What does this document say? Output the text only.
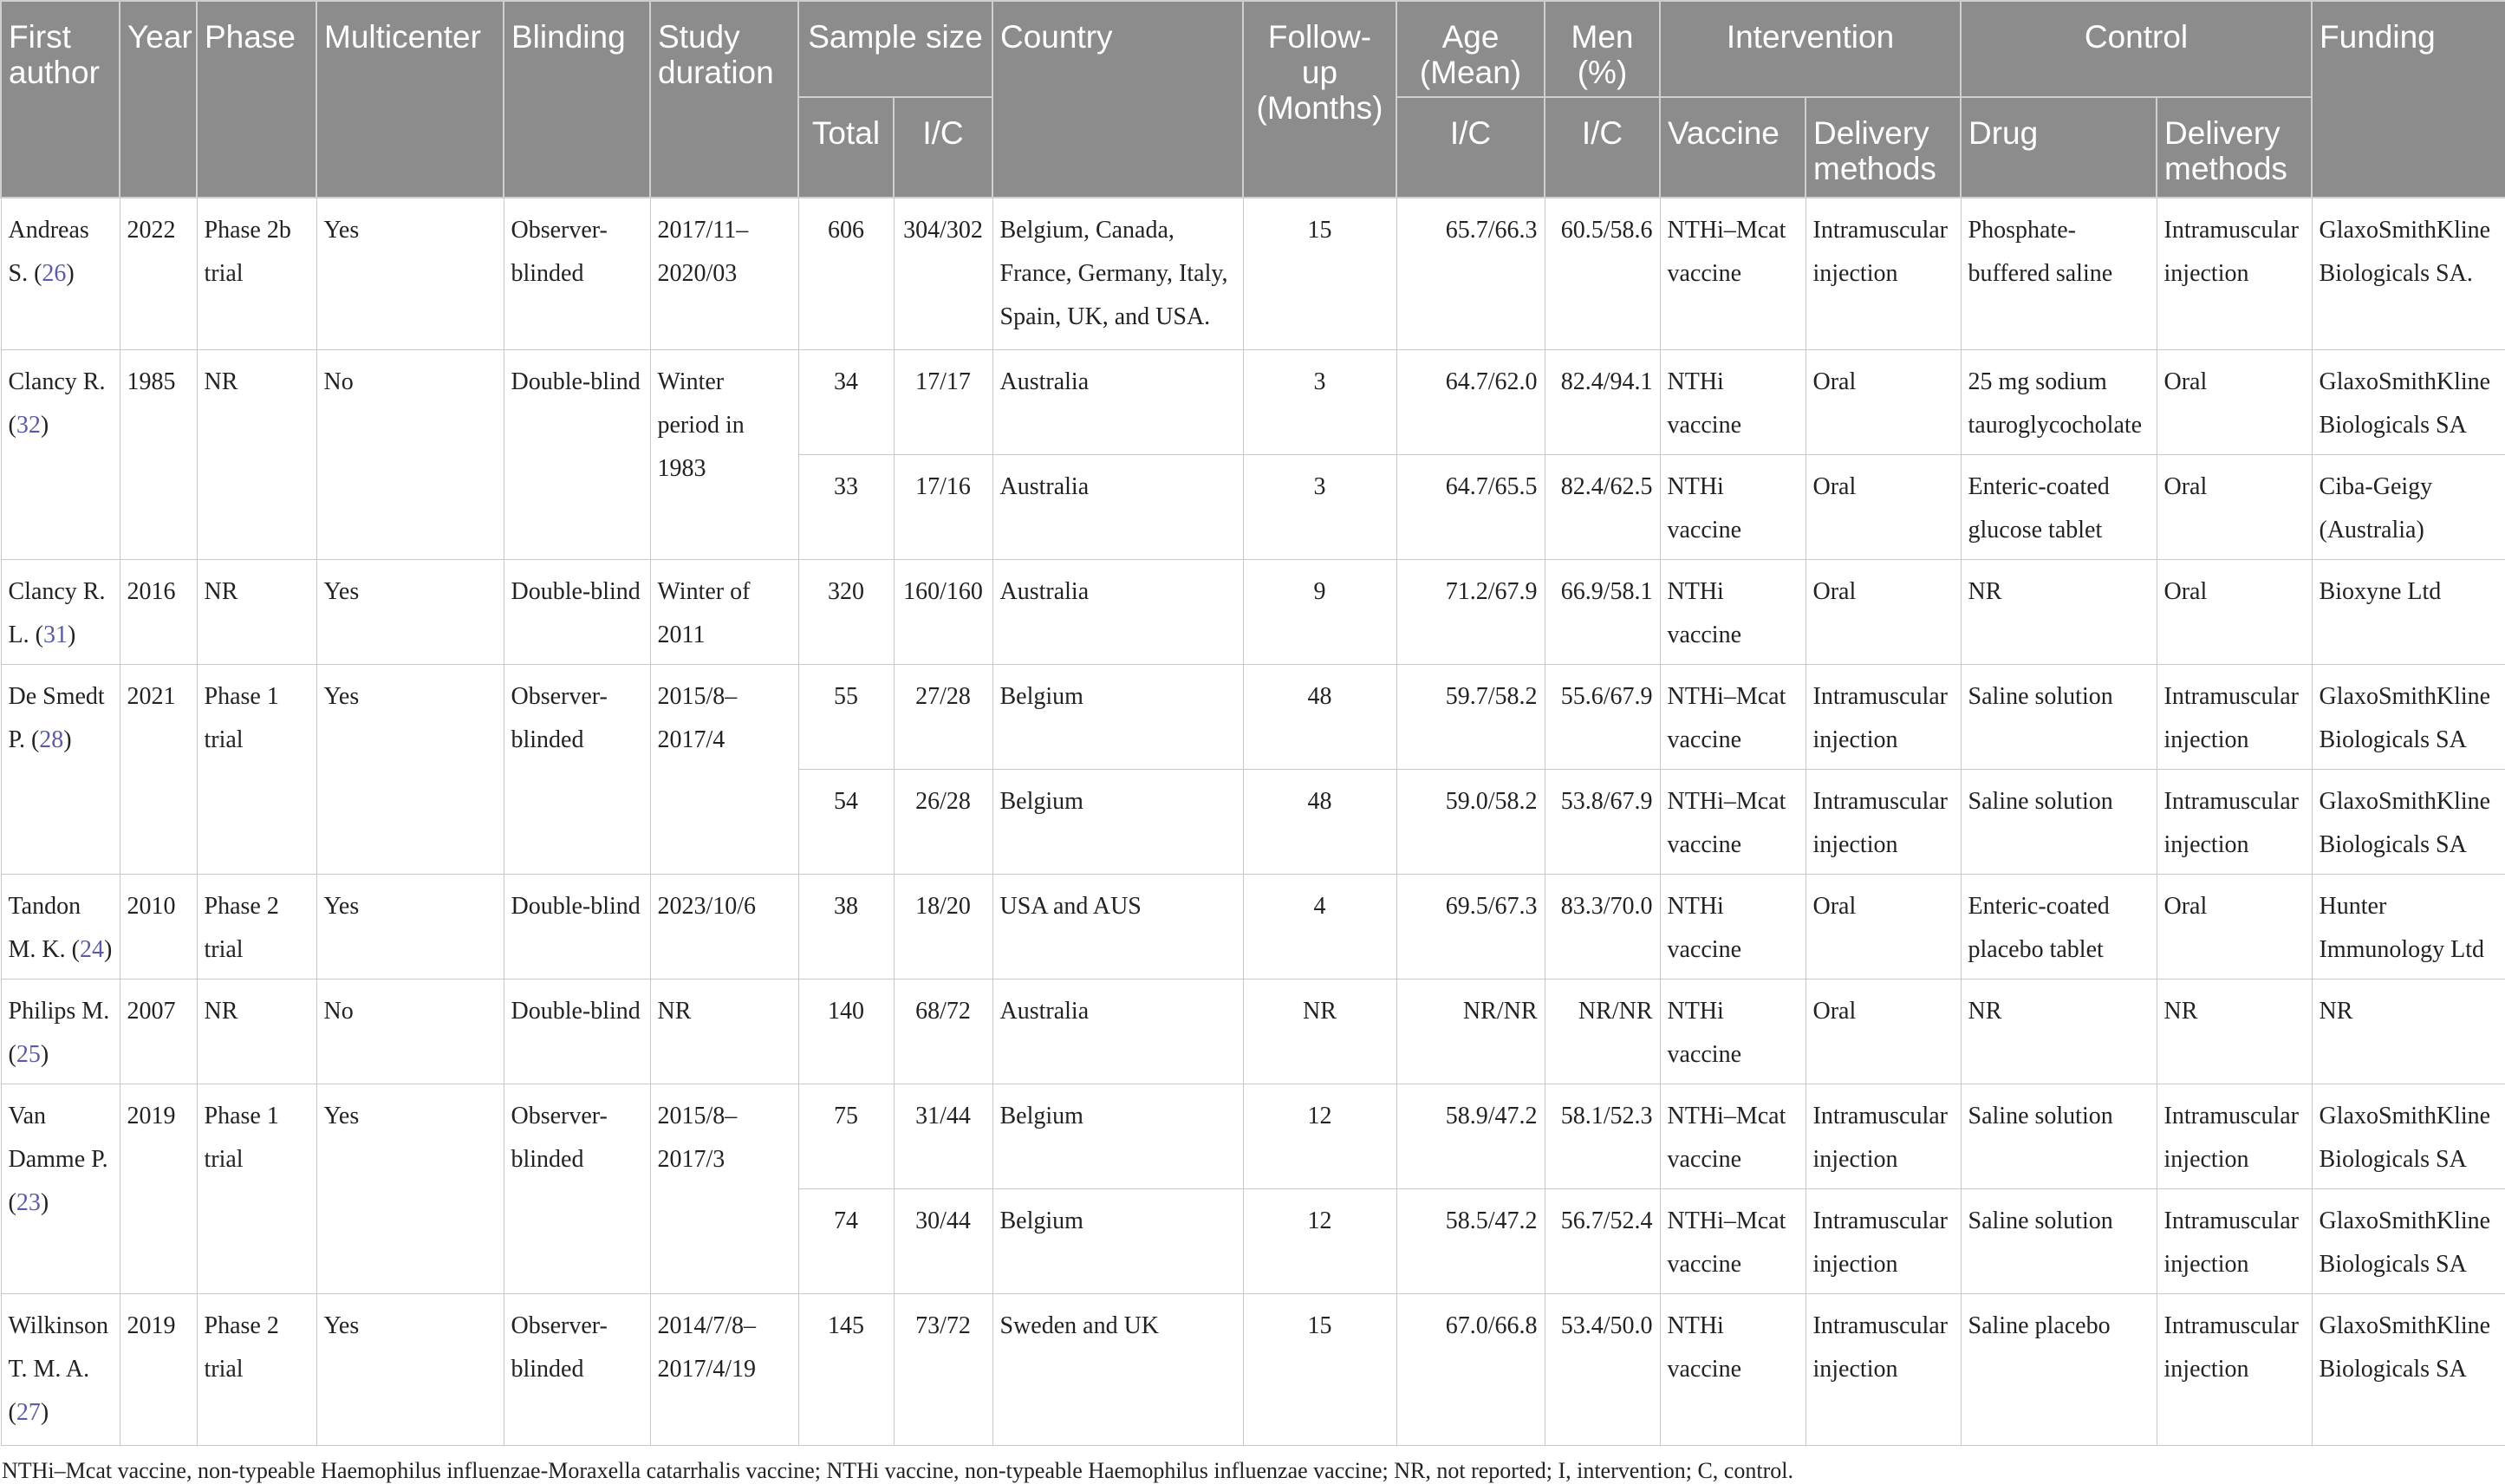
First author	Year	Phase	Multicenter	Blinding	Study duration	Sample size		Country	Follow-up (Months)	Age (Mean)	Men (%)	Intervention		Control		Funding
						Total	I/C			I/C	I/C	Vaccine	Delivery methods	Drug	Delivery methods	
Andreas S. (26)	2022	Phase 2b trial	Yes	Observer-blinded	2017/11–2020/03	606	304/302	Belgium, Canada, France, Germany, Italy, Spain, UK, and USA.	15	65.7/66.3	60.5/58.6	NTHi–Mcat vaccine	Intramuscular injection	Phosphate-buffered saline	Intramuscular injection	GlaxoSmithKline Biologicals SA.
Clancy R. (32)	1985	NR	No	Double-blind	Winter period in 1983	34	17/17	Australia	3	64.7/62.0	82.4/94.1	NTHi vaccine	Oral	25 mg sodium tauroglycocholate	Oral	GlaxoSmithKline Biologicals SA
						33	17/16	Australia	3	64.7/65.5	82.4/62.5	NTHi vaccine	Oral	Enteric-coated glucose tablet	Oral	Ciba-Geigy (Australia)
Clancy R. L. (31)	2016	NR	Yes	Double-blind	Winter of 2011	320	160/160	Australia	9	71.2/67.9	66.9/58.1	NTHi vaccine	Oral	NR	Oral	Bioxyne Ltd
De Smedt P. (28)	2021	Phase 1 trial	Yes	Observer-blinded	2015/8–2017/4	55	27/28	Belgium	48	59.7/58.2	55.6/67.9	NTHi–Mcat vaccine	Intramuscular injection	Saline solution	Intramuscular injection	GlaxoSmithKline Biologicals SA
						54	26/28	Belgium	48	59.0/58.2	53.8/67.9	NTHi–Mcat vaccine	Intramuscular injection	Saline solution	Intramuscular injection	GlaxoSmithKline Biologicals SA
Tandon M. K. (24)	2010	Phase 2 trial	Yes	Double-blind	2023/10/6	38	18/20	USA and AUS	4	69.5/67.3	83.3/70.0	NTHi vaccine	Oral	Enteric-coated placebo tablet	Oral	Hunter Immunology Ltd
Philips M. (25)	2007	NR	No	Double-blind	NR	140	68/72	Australia	NR	NR/NR	NR/NR	NTHi vaccine	Oral	NR	NR	NR
Van Damme P. (23)	2019	Phase 1 trial	Yes	Observer-blinded	2015/8–2017/3	75	31/44	Belgium	12	58.9/47.2	58.1/52.3	NTHi–Mcat vaccine	Intramuscular injection	Saline solution	Intramuscular injection	GlaxoSmithKline Biologicals SA
						74	30/44	Belgium	12	58.5/47.2	56.7/52.4	NTHi–Mcat vaccine	Intramuscular injection	Saline solution	Intramuscular injection	GlaxoSmithKline Biologicals SA
Wilkinson T. M. A. (27)	2019	Phase 2 trial	Yes	Observer-blinded	2014/7/8–2017/4/19	145	73/72	Sweden and UK	15	67.0/66.8	53.4/50.0	NTHi vaccine	Intramuscular injection	Saline placebo	Intramuscular injection	GlaxoSmithKline Biologicals SA
NTHi–Mcat vaccine, non-typeable Haemophilus influenzae-Moraxella catarrhalis vaccine; NTHi vaccine, non-typeable Haemophilus influenzae vaccine; NR, not reported; I, intervention; C, control.
